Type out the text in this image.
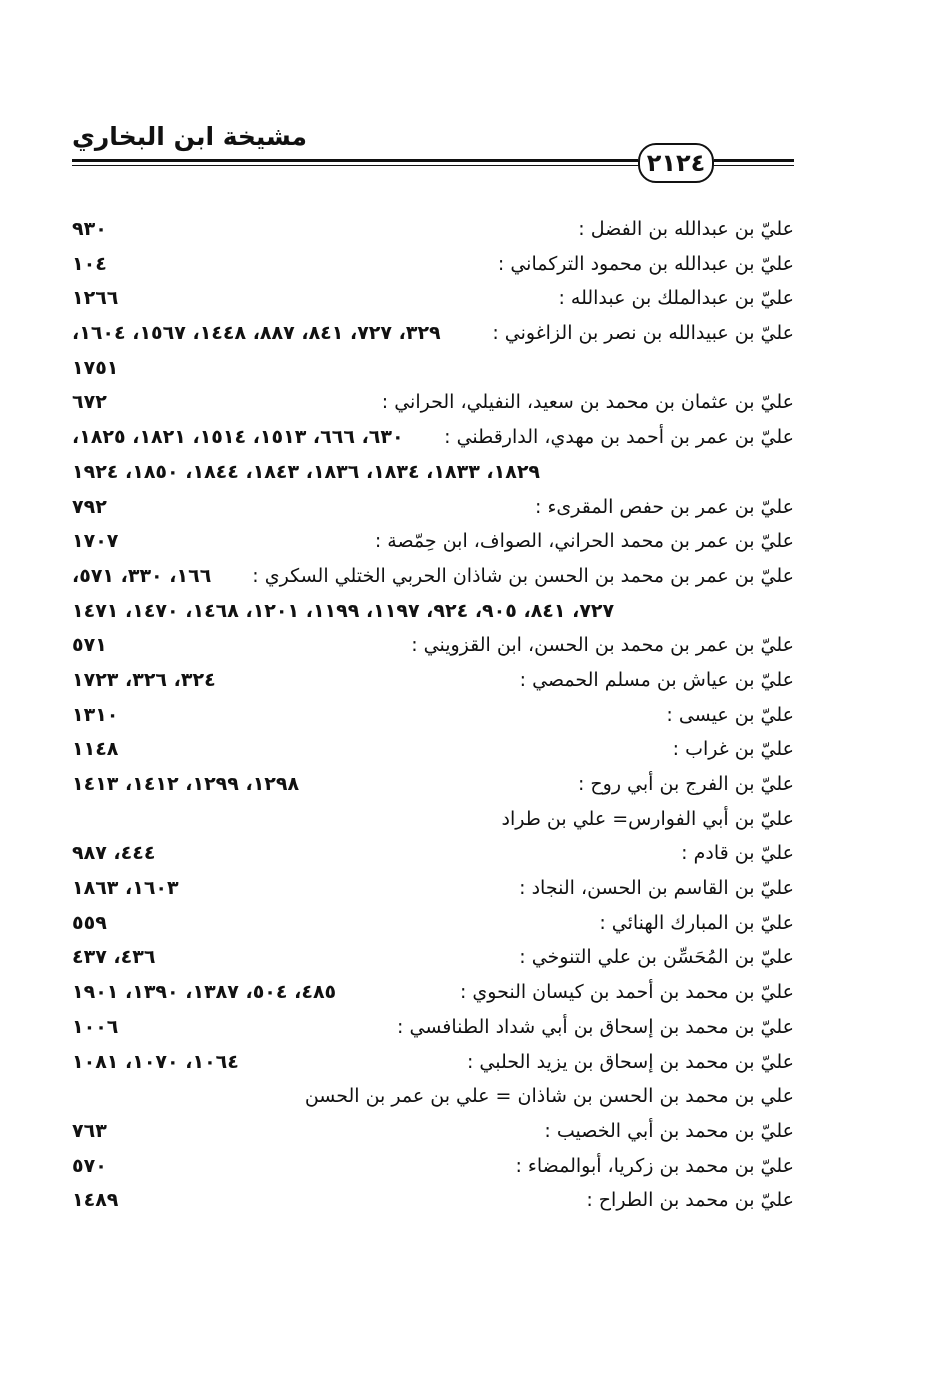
مشيخة ابن البخاري
٢١٢٤
عليّ بن عبدالله بن الفضل :
٩٣٠
عليّ بن عبدالله بن محمود التركماني :
١٠٤
عليّ بن عبدالملك بن عبدالله :
١٢٦٦
عليّ بن عبيدالله بن نصر بن الزاغوني :
٣٢٩، ٧٢٧، ٨٤١، ٨٨٧، ١٤٤٨، ١٥٦٧، ١٦٠٤،
١٧٥١
عليّ بن عثمان بن محمد بن سعيد، النفيلي، الحراني :
٦٧٢
عليّ بن عمر بن أحمد بن مهدي، الدارقطني :
٦٣٠، ٦٦٦، ١٥١٣، ١٥١٤، ١٨٢١، ١٨٢٥،
١٨٢٩، ١٨٣٣، ١٨٣٤، ١٨٣٦، ١٨٤٣، ١٨٤٤، ١٨٥٠، ١٩٢٤
عليّ بن عمر بن حفص المقرىء :
٧٩٢
عليّ بن عمر بن محمد الحراني، الصواف، ابن حِمّصة :
١٧٠٧
عليّ بن عمر بن محمد بن الحسن بن شاذان الحربي الختلي السكري :
١٦٦، ٣٣٠، ٥٧١،
٧٢٧، ٨٤١، ٩٠٥، ٩٢٤، ١١٩٧، ١١٩٩، ١٢٠١، ١٤٦٨، ١٤٧٠، ١٤٧١
عليّ بن عمر بن محمد بن الحسن، ابن القزويني :
٥٧١
عليّ بن عياش بن مسلم الحمصي :
٣٢٤، ٣٢٦، ١٧٢٣
عليّ بن عيسى :
١٣١٠
عليّ بن غراب :
١١٤٨
عليّ بن الفرج بن أبي روح :
١٢٩٨، ١٢٩٩، ١٤١٢، ١٤١٣
عليّ بن أبي الفوارس= علي بن طراد
عليّ بن قادم :
٤٤٤، ٩٨٧
عليّ بن القاسم بن الحسن، النجاد :
١٦٠٣، ١٨٦٣
عليّ بن المبارك الهنائي :
٥٥٩
عليّ بن المُحَسِّن بن علي التنوخي :
٤٣٦، ٤٣٧
عليّ بن محمد بن أحمد بن كيسان النحوي :
٤٨٥، ٥٠٤، ١٣٨٧، ١٣٩٠، ١٩٠١
عليّ بن محمد بن إسحاق بن أبي شداد الطنافسي :
١٠٠٦
عليّ بن محمد بن إسحاق بن يزيد الحلبي :
١٠٦٤، ١٠٧٠، ١٠٨١
علي بن محمد بن الحسن بن شاذان = علي بن عمر بن الحسن
عليّ بن محمد بن أبي الخصيب :
٧٦٣
عليّ بن محمد بن زكريا، أبوالمضاء :
٥٧٠
عليّ بن محمد بن الطراح :
١٤٨٩
